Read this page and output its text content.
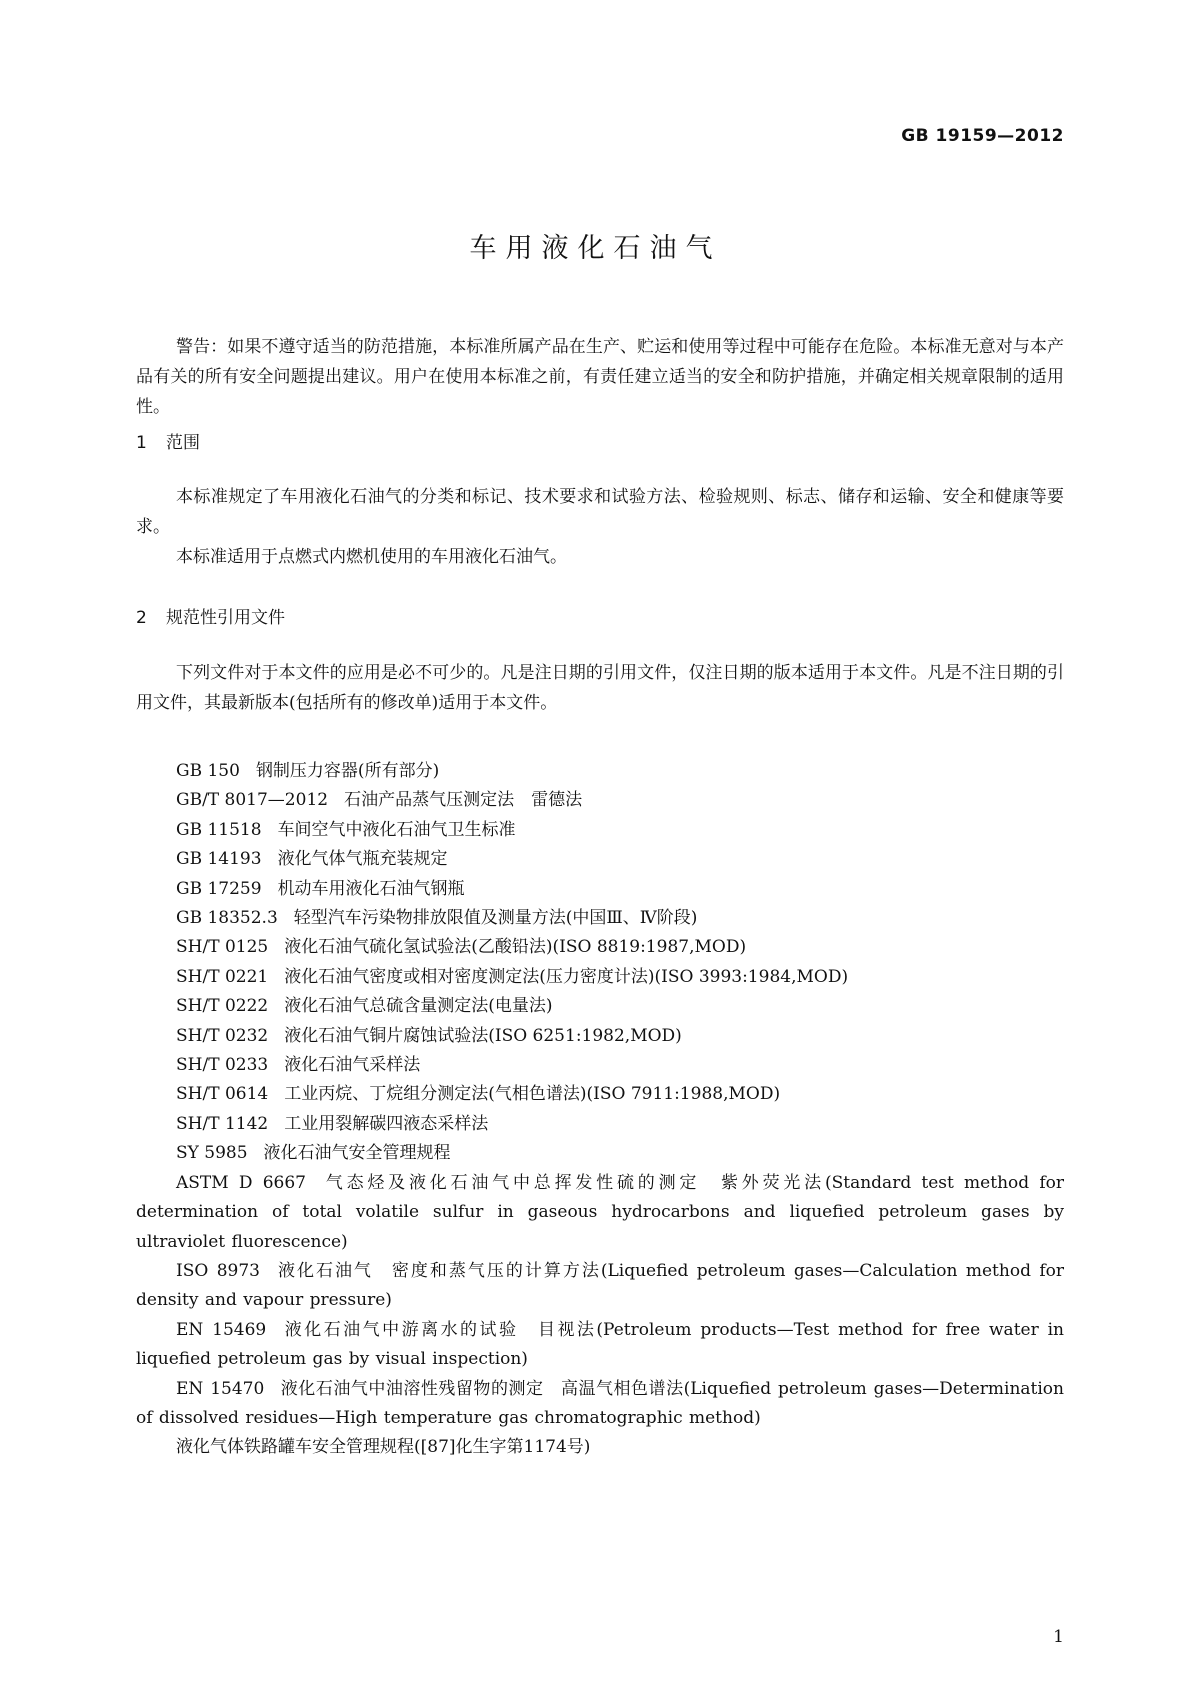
GB 19159—2012
车用液化石油气

警告：如果不遵守适当的防范措施，本标准所属产品在生产、贮运和使用等过程中可能存在危险。本标准无意对与本产品有关的所有安全问题提出建议。用户在使用本标准之前，有责任建立适当的安全和防护措施，并确定相关规章限制的适用性。

1 范围

本标准规定了车用液化石油气的分类和标记、技术要求和试验方法、检验规则、标志、储存和运输、安全和健康等要求。

本标准适用于点燃式内燃机使用的车用液化石油气。

2 规范性引用文件

下列文件对于本文件的应用是必不可少的。凡是注日期的引用文件，仅注日期的版本适用于本文件。凡是不注日期的引用文件，其最新版本(包括所有的修改单)适用于本文件。

GB 150 钢制压力容器(所有部分)
GB/T 8017—2012 石油产品蒸气压测定法　雷德法
GB 11518 车间空气中液化石油气卫生标准
GB 14193 液化气体气瓶充装规定
GB 17259 机动车用液化石油气钢瓶
GB 18352.3 轻型汽车污染物排放限值及测量方法(中国Ⅲ、Ⅳ阶段)
SH/T 0125 液化石油气硫化氢试验法(乙酸铅法)(ISO 8819:1987,MOD)
SH/T 0221 液化石油气密度或相对密度测定法(压力密度计法)(ISO 3993:1984,MOD)
SH/T 0222 液化石油气总硫含量测定法(电量法)
SH/T 0232 液化石油气铜片腐蚀试验法(ISO 6251:1982,MOD)
SH/T 0233 液化石油气采样法
SH/T 0614 工业丙烷、丁烷组分测定法(气相色谱法)(ISO 7911:1988,MOD)
SH/T 1142 工业用裂解碳四液态采样法
SY 5985 液化石油气安全管理规程
ASTM D 6667 气态烃及液化石油气中总挥发性硫的测定　紫外荧光法(Standard test method for determination of total volatile sulfur in gaseous hydrocarbons and liquefied petroleum gases by ultraviolet fluorescence)
ISO 8973 液化石油气　密度和蒸气压的计算方法(Liquefied petroleum gases—Calculation method for density and vapour pressure)
EN 15469 液化石油气中游离水的试验　目视法(Petroleum products—Test method for free water in liquefied petroleum gas by visual inspection)
EN 15470 液化石油气中油溶性残留物的测定　高温气相色谱法(Liquefied petroleum gases—Determination of dissolved residues—High temperature gas chromatographic method)
液化气体铁路罐车安全管理规程([87]化生字第1174号)
1
